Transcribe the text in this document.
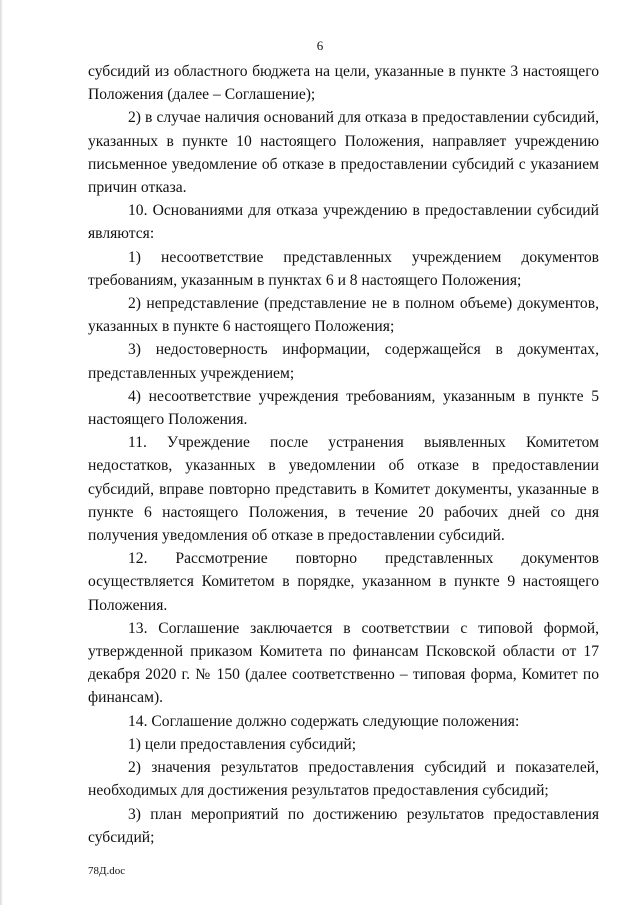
6

субсидий из областного бюджета на цели, указанные в пункте 3 настоящего Положения (далее – Соглашение);

2) в случае наличия оснований для отказа в предоставлении субсидий, указанных в пункте 10 настоящего Положения, направляет учреждению письменное уведомление об отказе в предоставлении субсидий с указанием причин отказа.

10. Основаниями для отказа учреждению в предоставлении субсидий являются:

1) несоответствие представленных учреждением документов требованиям, указанным в пунктах 6 и 8 настоящего Положения;

2) непредставление (представление не в полном объеме) документов, указанных в пункте 6 настоящего Положения;

3) недостоверность информации, содержащейся в документах, представленных учреждением;

4) несоответствие учреждения требованиям, указанным в пункте 5 настоящего Положения.

11. Учреждение после устранения выявленных Комитетом недостатков, указанных в уведомлении об отказе в предоставлении субсидий, вправе повторно представить в Комитет документы, указанные в пункте 6 настоящего Положения, в течение 20 рабочих дней со дня получения уведомления об отказе в предоставлении субсидий.

12. Рассмотрение повторно представленных документов осуществляется Комитетом в порядке, указанном в пункте 9 настоящего Положения.

13. Соглашение заключается в соответствии с типовой формой, утвержденной приказом Комитета по финансам Псковской области от 17 декабря 2020 г. № 150 (далее соответственно – типовая форма, Комитет по финансам).

14. Соглашение должно содержать следующие положения:

1) цели предоставления субсидий;

2) значения результатов предоставления субсидий и показателей, необходимых для достижения результатов предоставления субсидий;

3) план мероприятий по достижению результатов предоставления субсидий;

78Д.doc
